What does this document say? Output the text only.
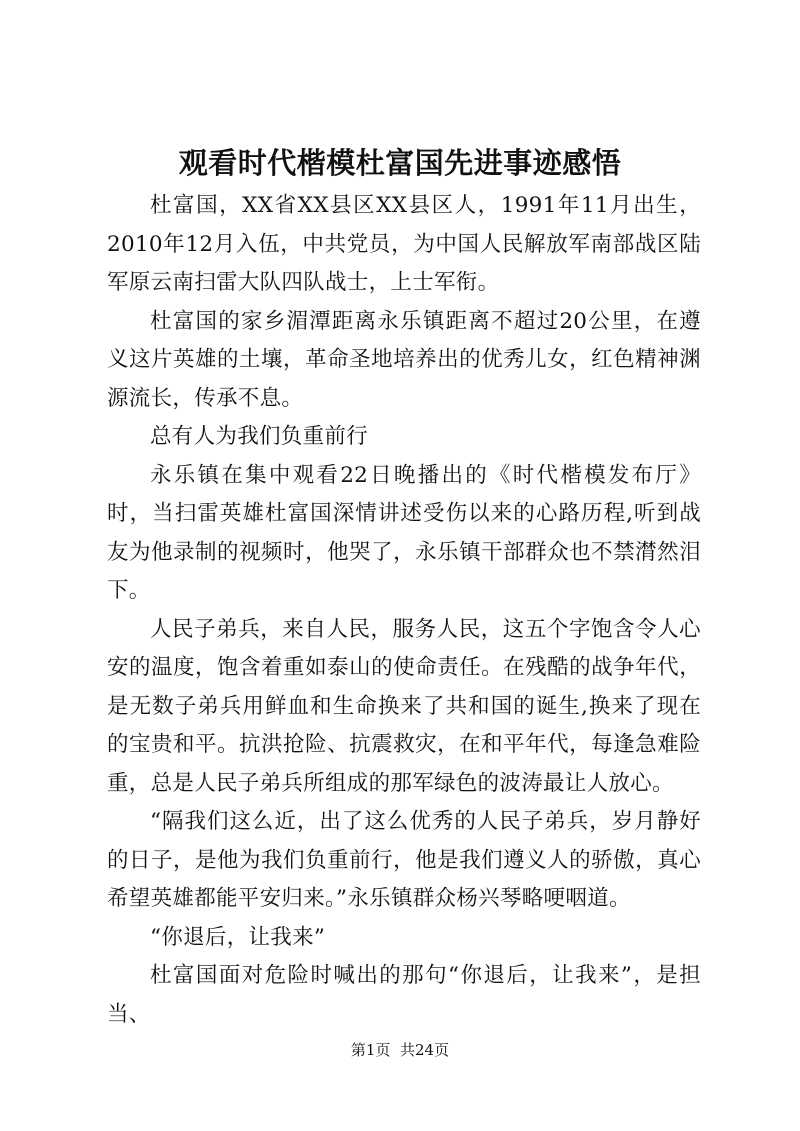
观看时代楷模杜富国先进事迹感悟

杜富国，XX省XX县区XX县区人，1991年11月出生，2010年12月入伍，中共党员，为中国人民解放军南部战区陆军原云南扫雷大队四队战士，上士军衔。

杜富国的家乡湄潭距离永乐镇距离不超过20公里，在遵义这片英雄的土壤，革命圣地培养出的优秀儿女，红色精神渊源流长，传承不息。

总有人为我们负重前行

永乐镇在集中观看22日晚播出的《时代楷模发布厅》时，当扫雷英雄杜富国深情讲述受伤以来的心路历程,听到战友为他录制的视频时，他哭了，永乐镇干部群众也不禁潸然泪下。

人民子弟兵，来自人民，服务人民，这五个字饱含令人心安的温度，饱含着重如泰山的使命责任。在残酷的战争年代，是无数子弟兵用鲜血和生命换来了共和国的诞生,换来了现在的宝贵和平。抗洪抢险、抗震救灾，在和平年代，每逢急难险重，总是人民子弟兵所组成的那军绿色的波涛最让人放心。

“隔我们这么近，出了这么优秀的人民子弟兵，岁月静好的日子，是他为我们负重前行，他是我们遵义人的骄傲，真心希望英雄都能平安归来。”永乐镇群众杨兴琴略哽咽道。

“你退后，让我来”

杜富国面对危险时喊出的那句“你退后，让我来”，是担当、

第1页  共24页
